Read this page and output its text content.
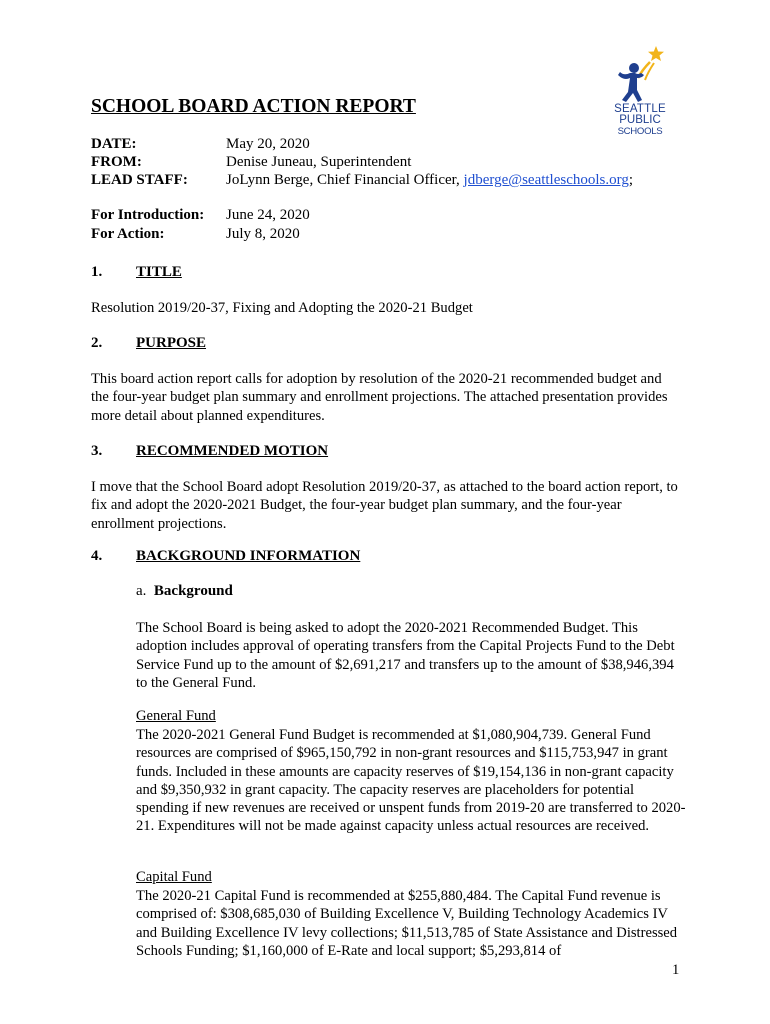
SEATTLE
PUBLIC
SCHOOLS
SCHOOL BOARD ACTION REPORT
DATE:	May 20, 2020
FROM:	Denise Juneau, Superintendent
LEAD STAFF:	JoLynn Berge, Chief Financial Officer, jdberge@seattleschools.org;
For Introduction: June 24, 2020
For Action:	July 8, 2020
1. TITLE
Resolution 2019/20-37, Fixing and Adopting the 2020-21 Budget
2. PURPOSE
This board action report calls for adoption by resolution of the 2020-21 recommended budget and the four-year budget plan summary and enrollment projections. The attached presentation provides more detail about planned expenditures.
3. RECOMMENDED MOTION
I move that the School Board adopt Resolution 2019/20-37, as attached to the board action report, to fix and adopt the 2020-2021 Budget, the four-year budget plan summary, and the four-year enrollment projections.
4. BACKGROUND INFORMATION
a. Background
The School Board is being asked to adopt the 2020-2021 Recommended Budget. This adoption includes approval of operating transfers from the Capital Projects Fund to the Debt Service Fund up to the amount of $2,691,217 and transfers up to the amount of $38,946,394 to the General Fund.
General Fund
The 2020-2021 General Fund Budget is recommended at $1,080,904,739. General Fund resources are comprised of $965,150,792 in non-grant resources and $115,753,947 in grant funds. Included in these amounts are capacity reserves of $19,154,136 in non-grant capacity and $9,350,932 in grant capacity. The capacity reserves are placeholders for potential spending if new revenues are received or unspent funds from 2019-20 are transferred to 2020-21. Expenditures will not be made against capacity unless actual resources are received.
Capital Fund
The 2020-21 Capital Fund is recommended at $255,880,484. The Capital Fund revenue is comprised of: $308,685,030 of Building Excellence V, Building Technology Academics IV and Building Excellence IV levy collections; $11,513,785 of State Assistance and Distressed Schools Funding; $1,160,000 of E-Rate and local support; $5,293,814 of
1
